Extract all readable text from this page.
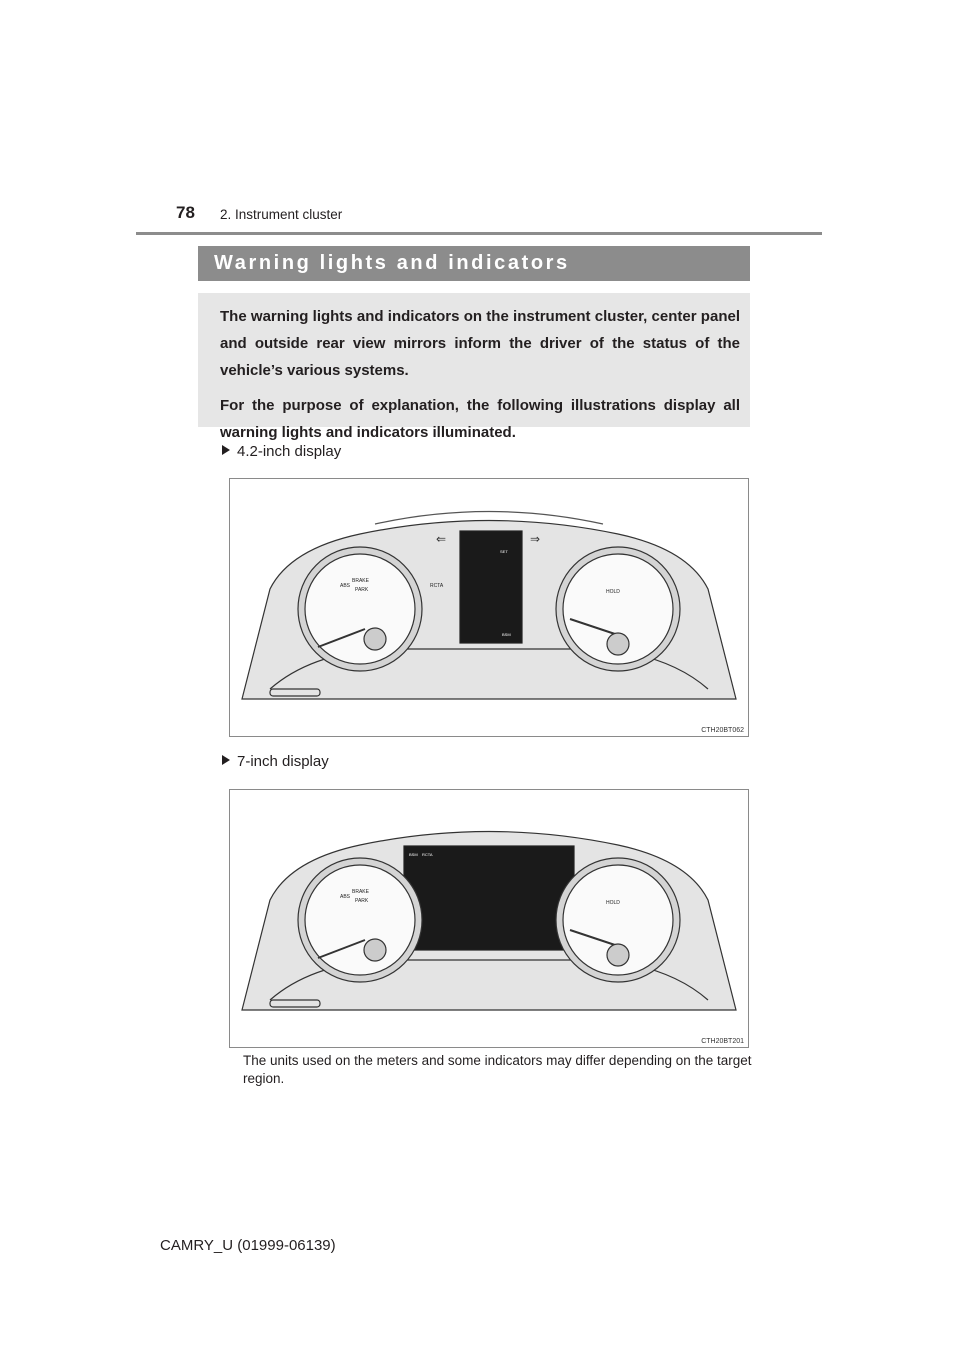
78 2. Instrument cluster
Warning lights and indicators

The warning lights and indicators on the instrument cluster, center panel and outside rear view mirrors inform the driver of the status of the vehicle’s various systems.

For the purpose of explanation, the following illustrations display all warning lights and indicators illuminated.

4.2-inch display
BRAKE
PARK
ABS	RCTA
HOLD
SET
BSM
⇐	⇒
CTH20BT062
7-inch display
BRAKE
PARK
ABS
HOLD
BSM RCTA
CTH20BT201
The units used on the meters and some indicators may differ depending on the target region.
CAMRY_U (01999-06139)
